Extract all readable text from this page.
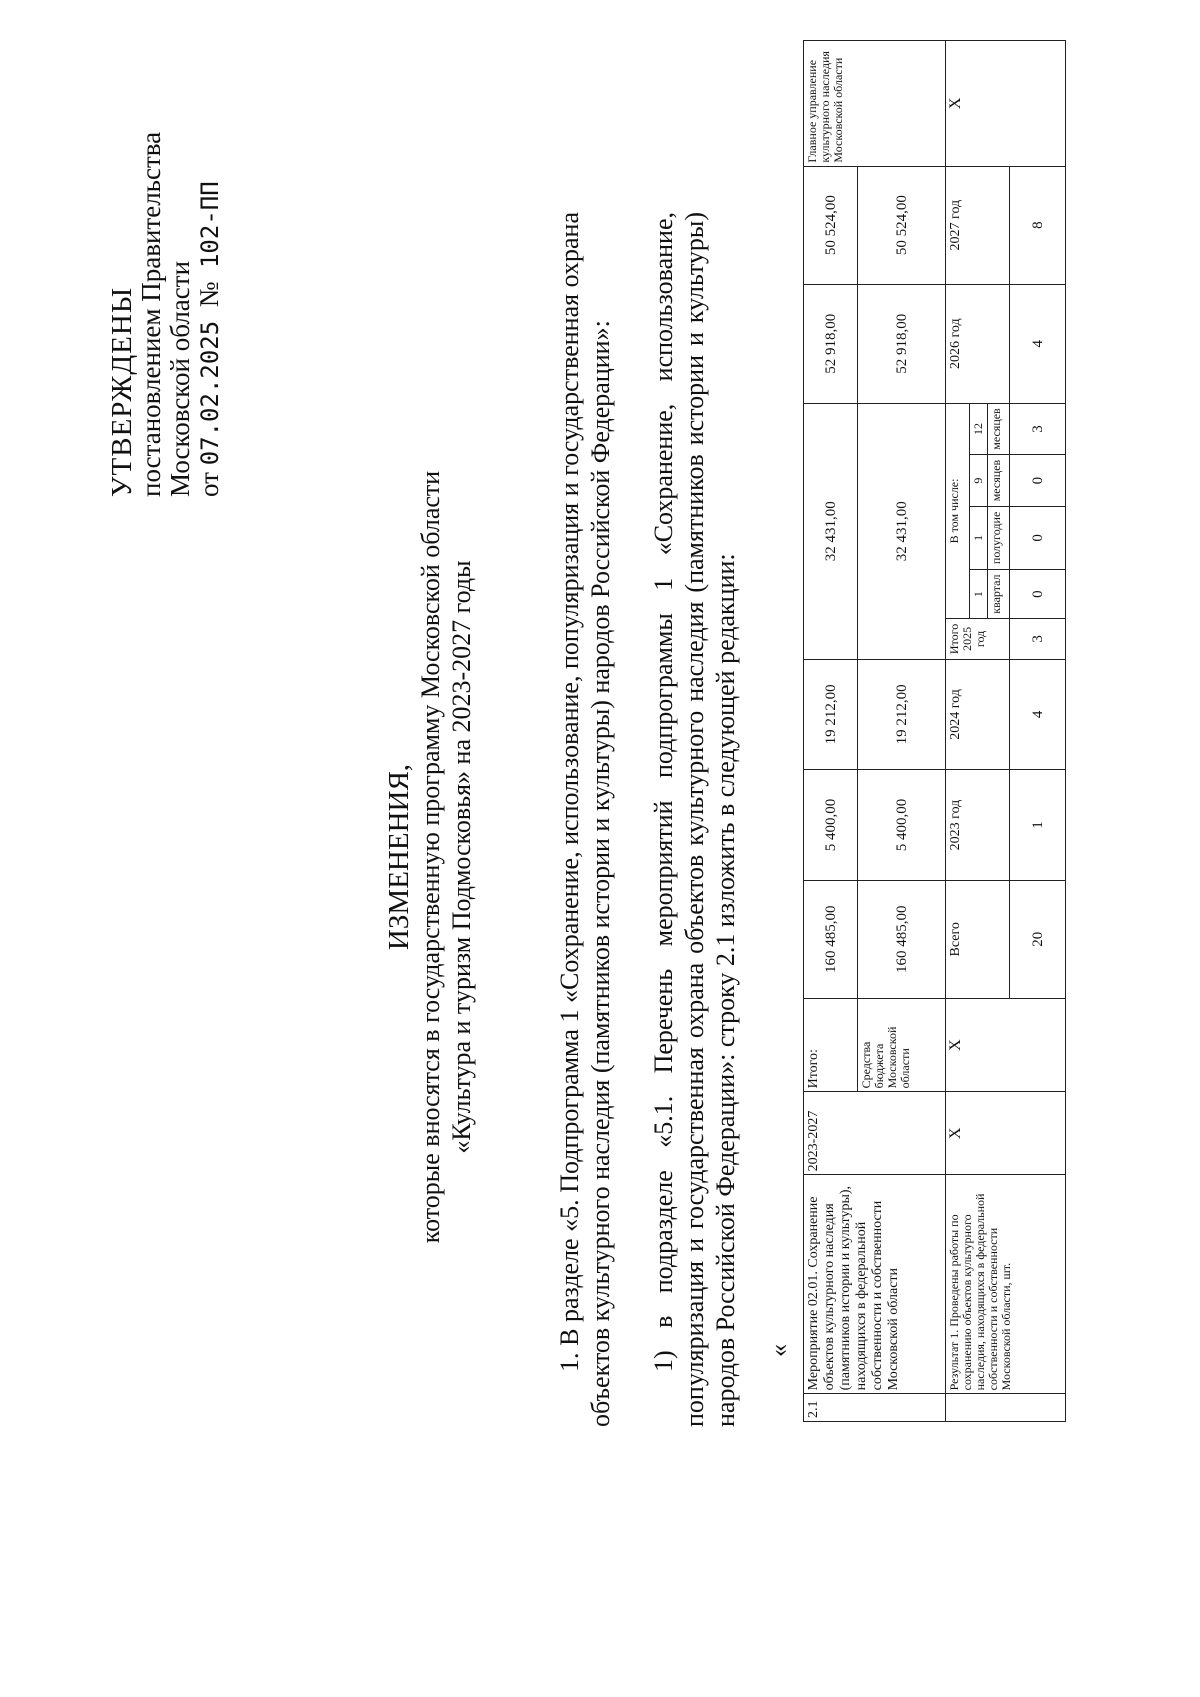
УТВЕРЖДЕНЫ
постановлением Правительства Московской области от 07.02.2025  №  102-ПП
ИЗМЕНЕНИЯ, которые вносятся в государственную программу Московской области «Культура и туризм Подмосковья» на 2023-2027 годы	1. В разделе «5. Подпрограмма 1 «Сохранение, использование, популяризация и государственная охрана объектов культурного наследия (памятников истории и культуры) народов Российской Федерации»: 1) в подразделе «5.1. Перечень мероприятий подпрограммы 1 «Сохранение, использование, популяризация и государственная охрана объектов культурного наследия (памятников истории и культуры) народов Российской Федерации»: строку 2.1 изложить в следующей редакции: «
2.1	Мероприятие 02.01. Сохранение объектов культурного наследия (памятников истории и культуры), находящихся в федеральной собственности и собственности Московской области	2023-2027	Итого:	160 485,00	5 400,00	19 212,00	32 431,00					52 918,00	50 524,00	Главное управление культурного наследия Московской области
			Средства бюджета Московской области	160 485,00	5 400,00	19 212,00	32 431,00					52 918,00	50 524,00	
	Результат 1. Проведены работы по сохранению объектов культурного наследия, находящихся в федеральной собственности и собственности Московской области, шт.	Х	Х	Всего	2023 год	2024 год	Итого 2025 год	В том числе:				2026 год	2027 год	Х
								1	1	9	12			
								квартал	полугодие	месяцев	месяцев			
				20	1	4	3	0	0	0	3	4	8	
